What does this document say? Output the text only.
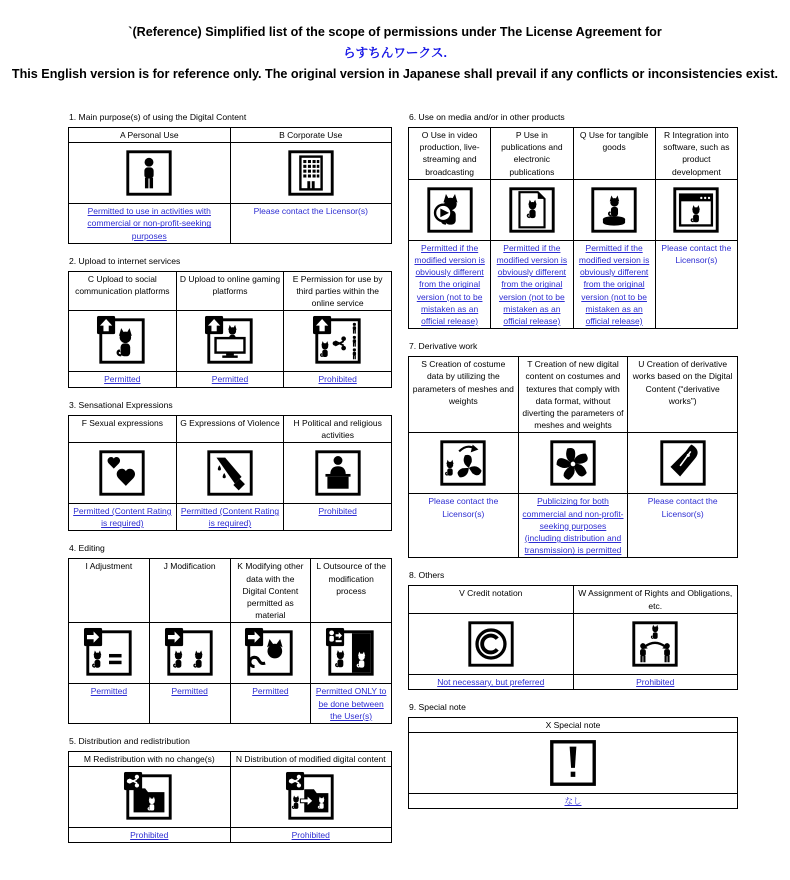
`(Reference) Simplified list of the scope of permissions under The License Agreement for
らすちんワークス.
This English version is for reference only. The original version in Japanese shall prevail if any conflicts or inconsistencies exist.
1. Main purpose(s) of using the Digital Content
A Personal Use	B Corporate Use

Permitted to use in activities with commercial or non-profit-seeking purposes	Please contact the Licensor(s)
2. Upload to internet services
C Upload to social communication platforms	D Upload to online gaming platforms	E Permission for use by third parties within the online service

Permitted	Permitted	Prohibited
3. Sensational Expressions
F Sexual expressions	G Expressions of Violence	H Political and religious activities

Permitted (Content Rating is required)	Permitted (Content Rating is required)	Prohibited
4. Editing
I Adjustment	J Modification	K Modifying other data with the Digital Content permitted as material	L Outsource of the modification process

Permitted	Permitted	Permitted	Permitted ONLY to be done between the User(s)
5. Distribution and redistribution
M Redistribution with no change(s)	N Distribution of modified digital content

Prohibited	Prohibited
6. Use on media and/or in other products
O Use in video production, live-streaming and broadcasting	P Use in publications and electronic publications	Q Use for tangible goods	R Integration into software, such as product development

Permitted if the modified version is obviously different from the original version (not to be mistaken as an official release)	Permitted if the modified version is obviously different from the original version (not to be mistaken as an official release)	Permitted if the modified version is obviously different from the original version (not to be mistaken as an official release)	Please contact the Licensor(s)
7. Derivative work
S Creation of costume data by utilizing the parameters of meshes and weights	T Creation of new digital content on costumes and textures that comply with data format, without diverting the parameters of meshes and weights	U Creation of derivative works based on the Digital Content (“derivative works”)

Please contact the Licensor(s)	Publicizing for both commercial and non-profit-seeking purposes (including distribution and transmission) is permitted	Please contact the Licensor(s)
8. Others
V Credit notation	W Assignment of Rights and Obligations, etc.

Not necessary, but preferred	Prohibited
9. Special note
X Special note

なし
